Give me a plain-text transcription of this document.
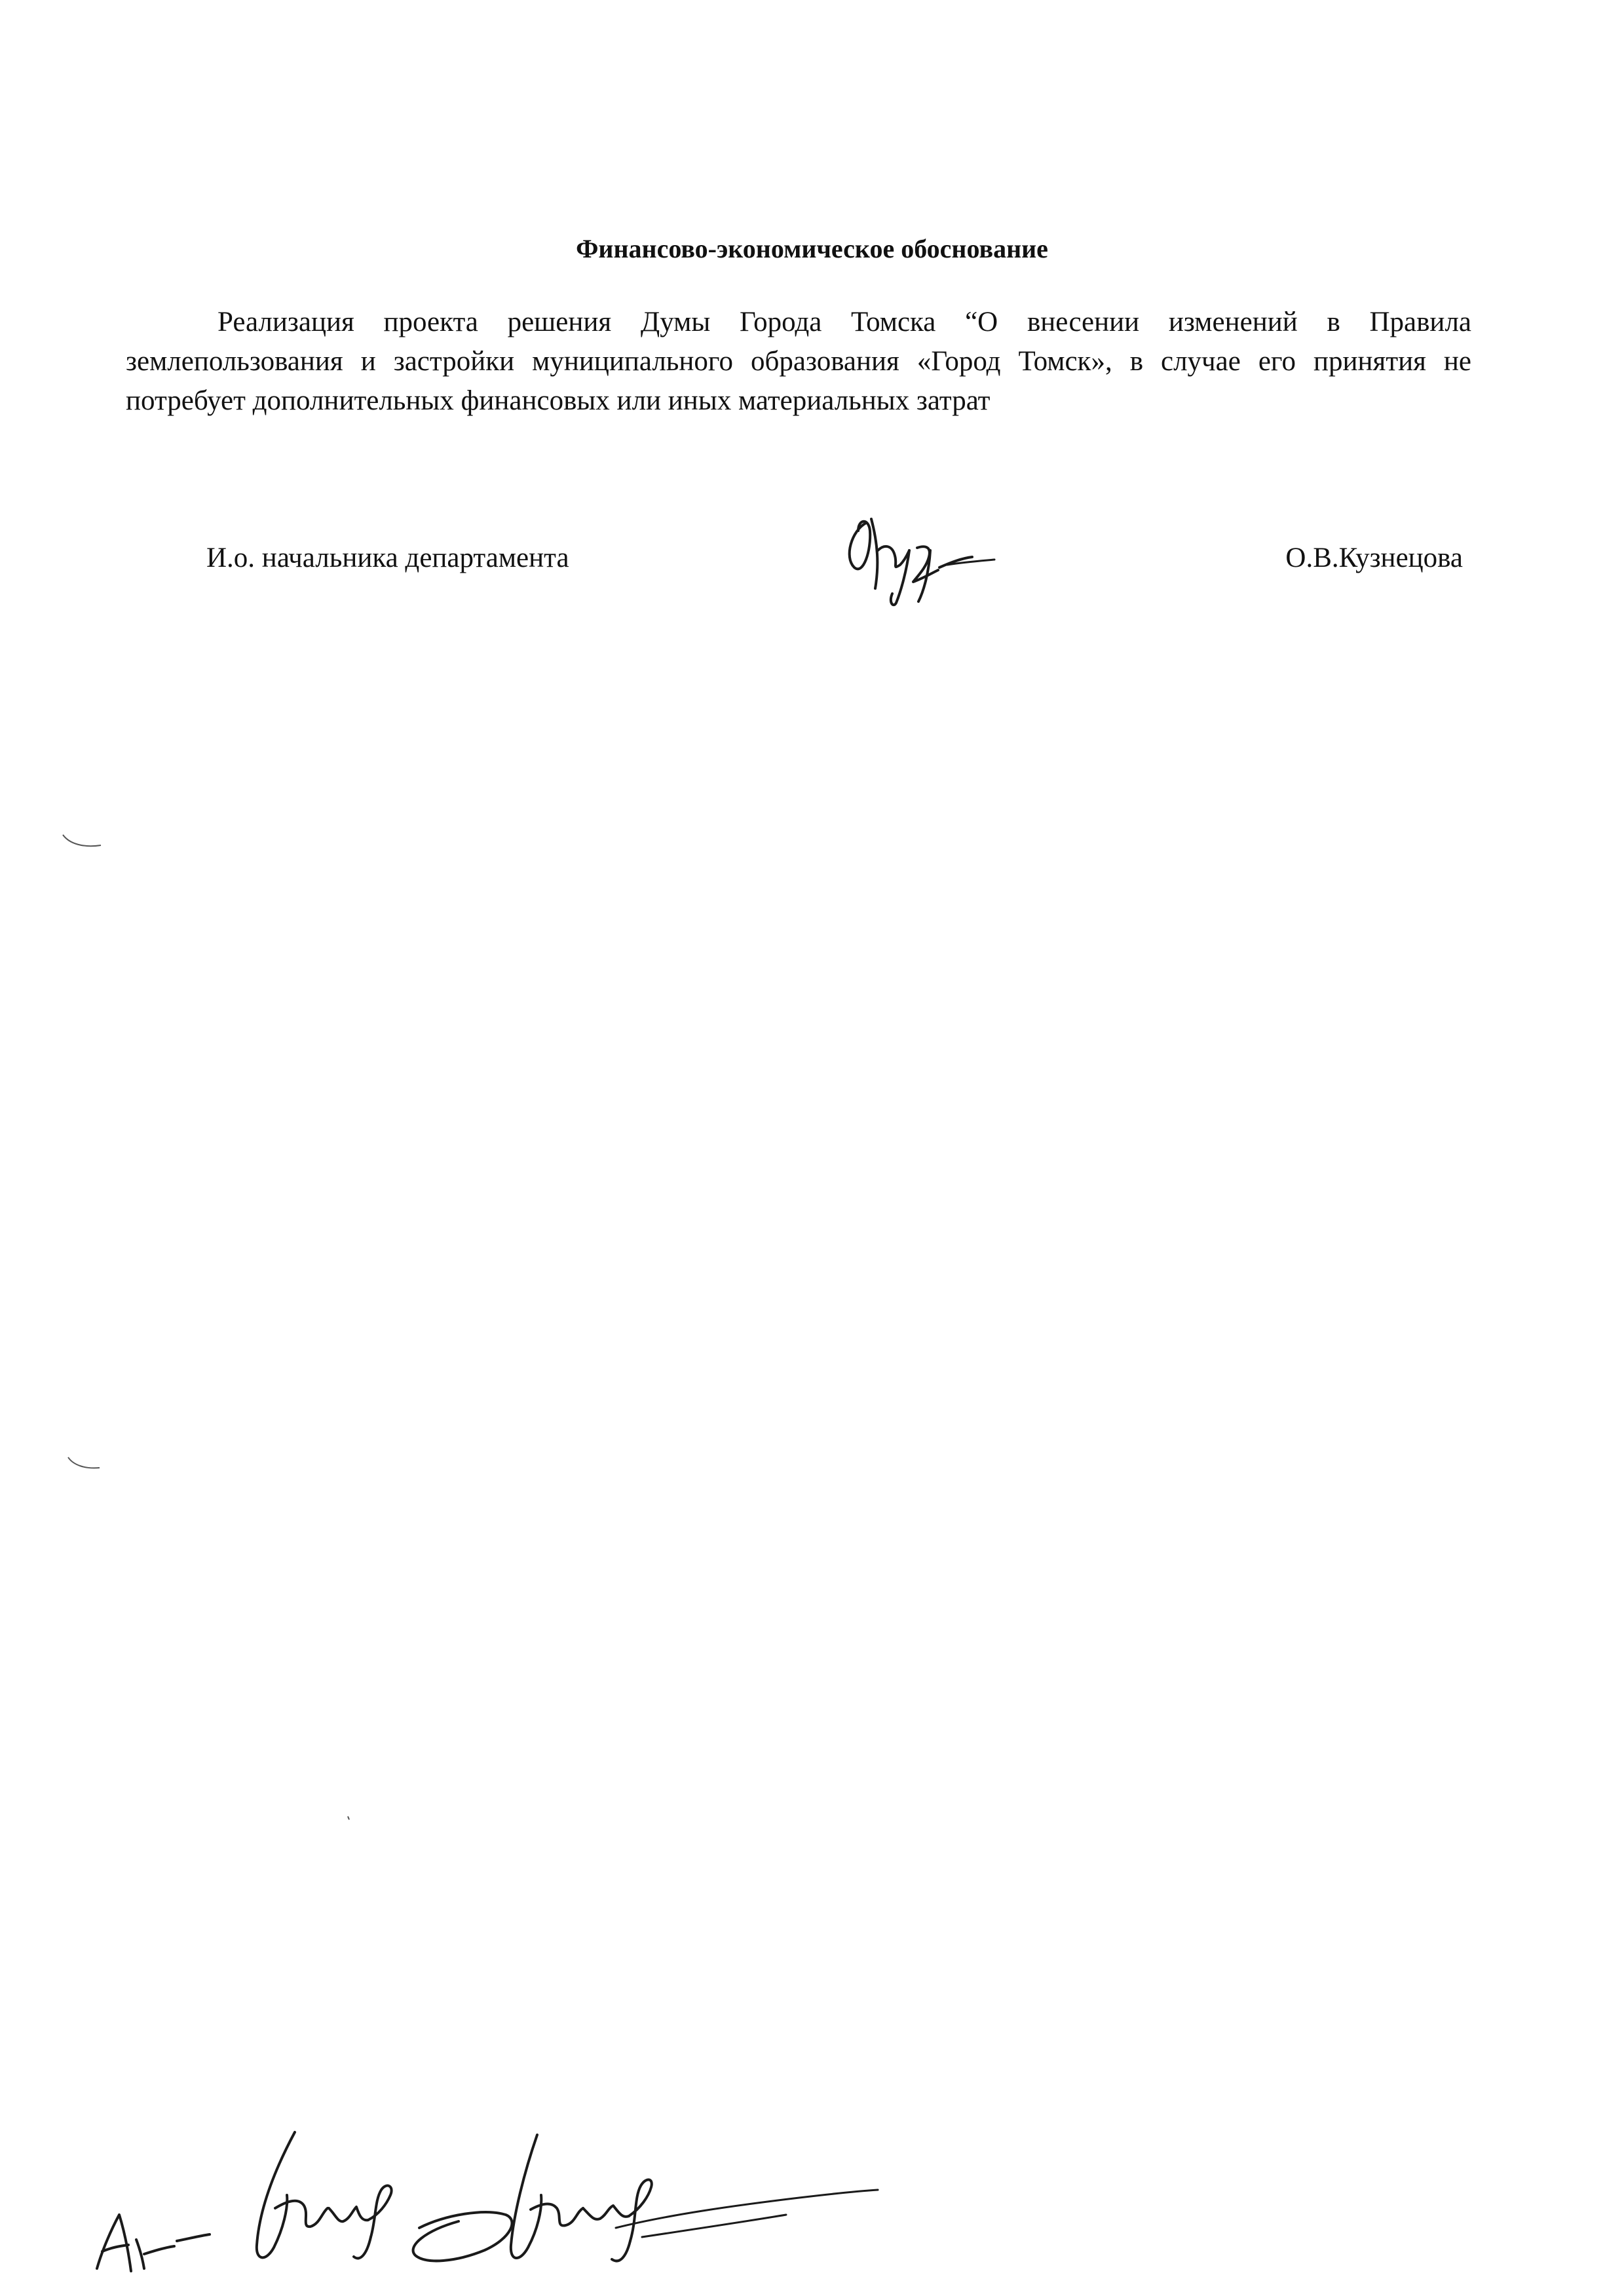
Финансово-экономическое обоснование

Реализация проекта решения Думы Города Томска “О внесении изменений в Правила землепользования и застройки муниципального образования «Город Томск», в случае его принятия не потребует дополнительных финансовых или иных материальных затрат

И.о. начальника департамента	О.В.Кузнецова
